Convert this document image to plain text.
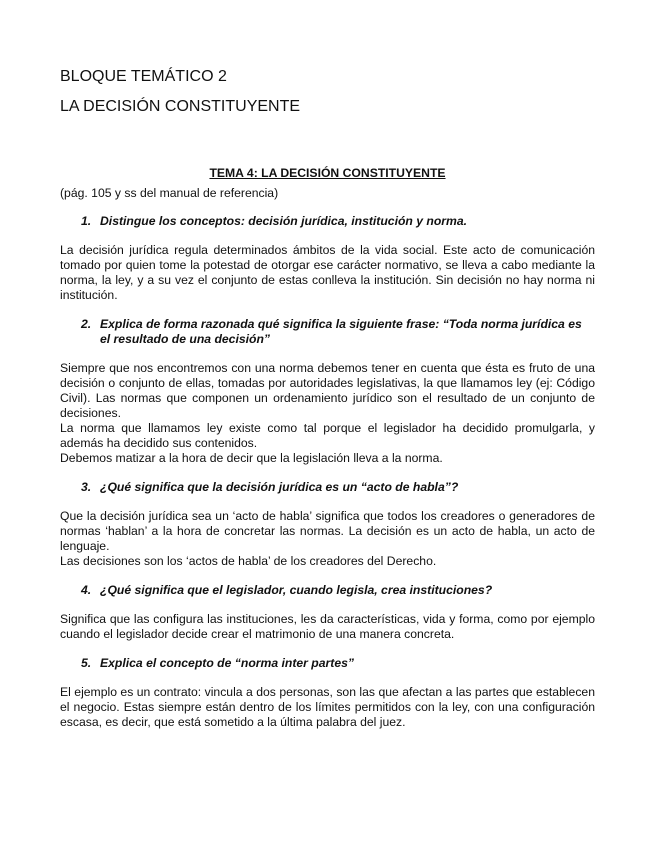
BLOQUE TEMÁTICO 2
LA DECISIÓN CONSTITUYENTE
TEMA 4: LA DECISIÓN CONSTITUYENTE
(pág. 105 y ss del manual de referencia)
1. Distingue los conceptos: decisión jurídica, institución y norma.

La decisión jurídica regula determinados ámbitos de la vida social. Este acto de comunicación tomado por quien tome la potestad de otorgar ese carácter normativo, se lleva a cabo mediante la norma, la ley, y a su vez el conjunto de estas conlleva la institución. Sin decisión no hay norma ni institución.

2. Explica de forma razonada qué significa la siguiente frase: “Toda norma jurídica es el resultado de una decisión”

Siempre que nos encontremos con una norma debemos tener en cuenta que ésta es fruto de una decisión o conjunto de ellas, tomadas por autoridades legislativas, la que llamamos ley (ej: Código Civil). Las normas que componen un ordenamiento jurídico son el resultado de un conjunto de decisiones.

La norma que llamamos ley existe como tal porque el legislador ha decidido promulgarla, y además ha decidido sus contenidos.

Debemos matizar a la hora de decir que la legislación lleva a la norma.

3. ¿Qué significa que la decisión jurídica es un “acto de habla”?

Que la decisión jurídica sea un ‘acto de habla’ significa que todos los creadores o generadores de normas ‘hablan’ a la hora de concretar las normas. La decisión es un acto de habla, un acto de lenguaje.

Las decisiones son los ‘actos de habla’ de los creadores del Derecho.

4. ¿Qué significa que el legislador, cuando legisla, crea instituciones?

Significa que las configura las instituciones, les da características, vida y forma, como por ejemplo cuando el legislador decide crear el matrimonio de una manera concreta.

5. Explica el concepto de “norma inter partes”

El ejemplo es un contrato: vincula a dos personas, son las que afectan a las partes que establecen el negocio. Estas siempre están dentro de los límites permitidos con la ley, con una configuración escasa, es decir, que está sometido a la última palabra del juez.
